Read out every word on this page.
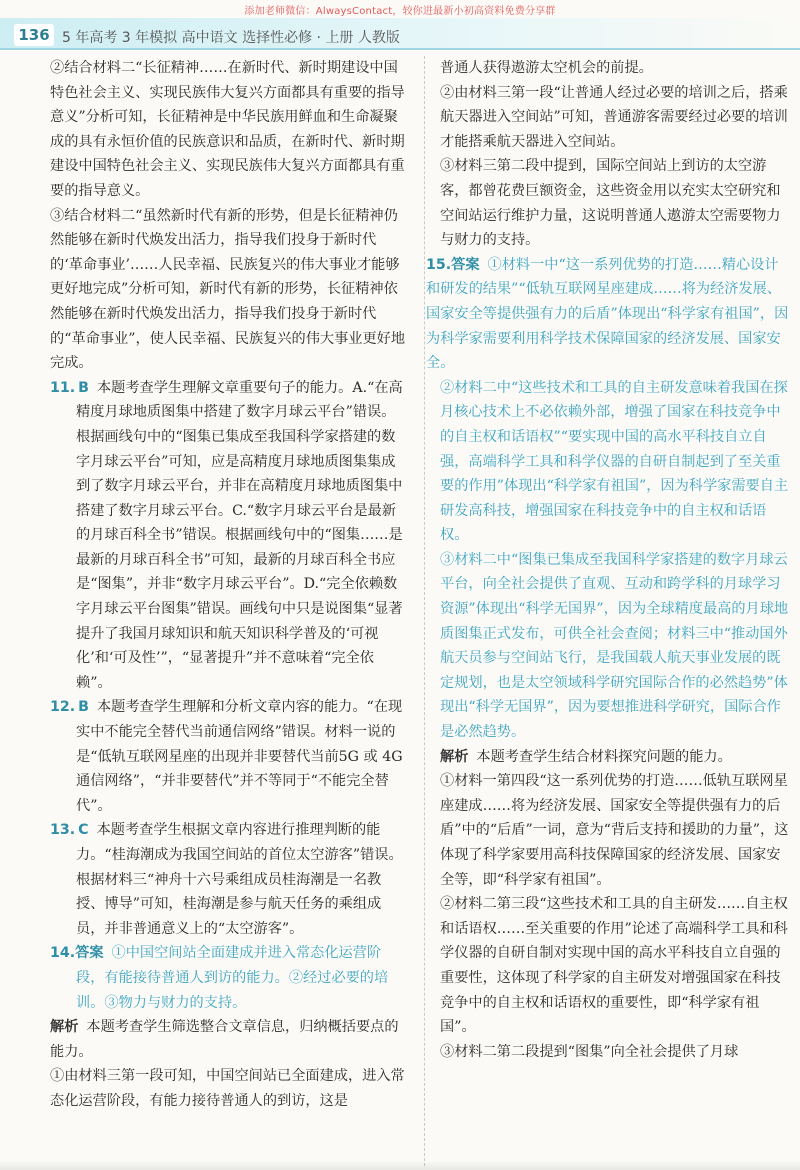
添加老师微信：AlwaysContact，较你进最新小初高资料免费分享群
136 5 年高考 3 年模拟 高中语文 选择性必修 · 上册 人教版

②结合材料二“长征精神……在新时代、新时期建设中国特色社会主义、实现民族伟大复兴方面都具有重要的指导意义”分析可知，长征精神是中华民族用鲜血和生命凝聚成的具有永恒价值的民族意识和品质，在新时代、新时期建设中国特色社会主义、实现民族伟大复兴方面都具有重要的指导意义。

③结合材料二“虽然新时代有新的形势，但是长征精神仍然能够在新时代焕发出活力，指导我们投身于新时代的‘革命事业’……人民幸福、民族复兴的伟大事业才能够更好地完成”分析可知，新时代有新的形势，长征精神依然能够在新时代焕发出活力，指导我们投身于新时代的“革命事业”，使人民幸福、民族复兴的伟大事业更好地完成。

11. B 本题考查学生理解文章重要句子的能力。A.“在高精度月球地质图集中搭建了数字月球云平台”错误。根据画线句中的“图集已集成至我国科学家搭建的数字月球云平台”可知，应是高精度月球地质图集集成到了数字月球云平台，并非在高精度月球地质图集中搭建了数字月球云平台。C.“数字月球云平台是最新的月球百科全书”错误。根据画线句中的“图集……是最新的月球百科全书”可知，最新的月球百科全书应是“图集”，并非“数字月球云平台”。D.“完全依赖数字月球云平台图集”错误。画线句中只是说图集“显著提升了我国月球知识和航天知识科学普及的‘可视化’和‘可及性’”，“显著提升”并不意味着“完全依赖”。

12. B 本题考查学生理解和分析文章内容的能力。“在现实中不能完全替代当前通信网络”错误。材料一说的是“低轨互联网星座的出现并非要替代当前5G 或 4G 通信网络”，“并非要替代”并不等同于“不能完全替代”。

13. C 本题考查学生根据文章内容进行推理判断的能力。“桂海潮成为我国空间站的首位太空游客”错误。根据材料三“神舟十六号乘组成员桂海潮是一名教授、博导”可知，桂海潮是参与航天任务的乘组成员，并非普通意义上的“太空游客”。

14.答案 ①中国空间站全面建成并进入常态化运营阶段，有能接待普通人到访的能力。②经过必要的培训。③物力与财力的支持。

解析 本题考查学生筛选整合文章信息，归纳概括要点的能力。

①由材料三第一段可知，中国空间站已全面建成，进入常态化运营阶段，有能力接待普通人的到访，这是

普通人获得遨游太空机会的前提。

②由材料三第一段“让普通人经过必要的培训之后，搭乘航天器进入空间站”可知，普通游客需要经过必要的培训才能搭乘航天器进入空间站。

③材料三第二段中提到，国际空间站上到访的太空游客，都曾花费巨额资金，这些资金用以充实太空研究和空间站运行维护力量，这说明普通人遨游太空需要物力与财力的支持。

15.答案 ①材料一中“这一系列优势的打造……精心设计和研发的结果”“低轨互联网星座建成……将为经济发展、国家安全等提供强有力的后盾”体现出“科学家有祖国”，因为科学家需要利用科学技术保障国家的经济发展、国家安全。

②材料二中“这些技术和工具的自主研发意味着我国在探月核心技术上不必依赖外部，增强了国家在科技竞争中的自主权和话语权”“要实现中国的高水平科技自立自强，高端科学工具和科学仪器的自研自制起到了至关重要的作用”体现出“科学家有祖国”，因为科学家需要自主研发高科技，增强国家在科技竞争中的自主权和话语权。

③材料二中“图集已集成至我国科学家搭建的数字月球云平台，向全社会提供了直观、互动和跨学科的月球学习资源”体现出“科学无国界”，因为全球精度最高的月球地质图集正式发布，可供全社会查阅；材料三中“推动国外航天员参与空间站飞行，是我国载人航天事业发展的既定规划，也是太空领域科学研究国际合作的必然趋势”体现出“科学无国界”，因为要想推进科学研究，国际合作是必然趋势。

解析 本题考查学生结合材料探究问题的能力。

①材料一第四段“这一系列优势的打造……低轨互联网星座建成……将为经济发展、国家安全等提供强有力的后盾”中的“后盾”一词，意为“背后支持和援助的力量”，这体现了科学家要用高科技保障国家的经济发展、国家安全等，即“科学家有祖国”。

②材料二第三段“这些技术和工具的自主研发……自主权和话语权……至关重要的作用”论述了高端科学工具和科学仪器的自研自制对实现中国的高水平科技自立自强的重要性，这体现了科学家的自主研发对增强国家在科技竞争中的自主权和话语权的重要性，即“科学家有祖国”。

③材料二第二段提到“图集”向全社会提供了月球
